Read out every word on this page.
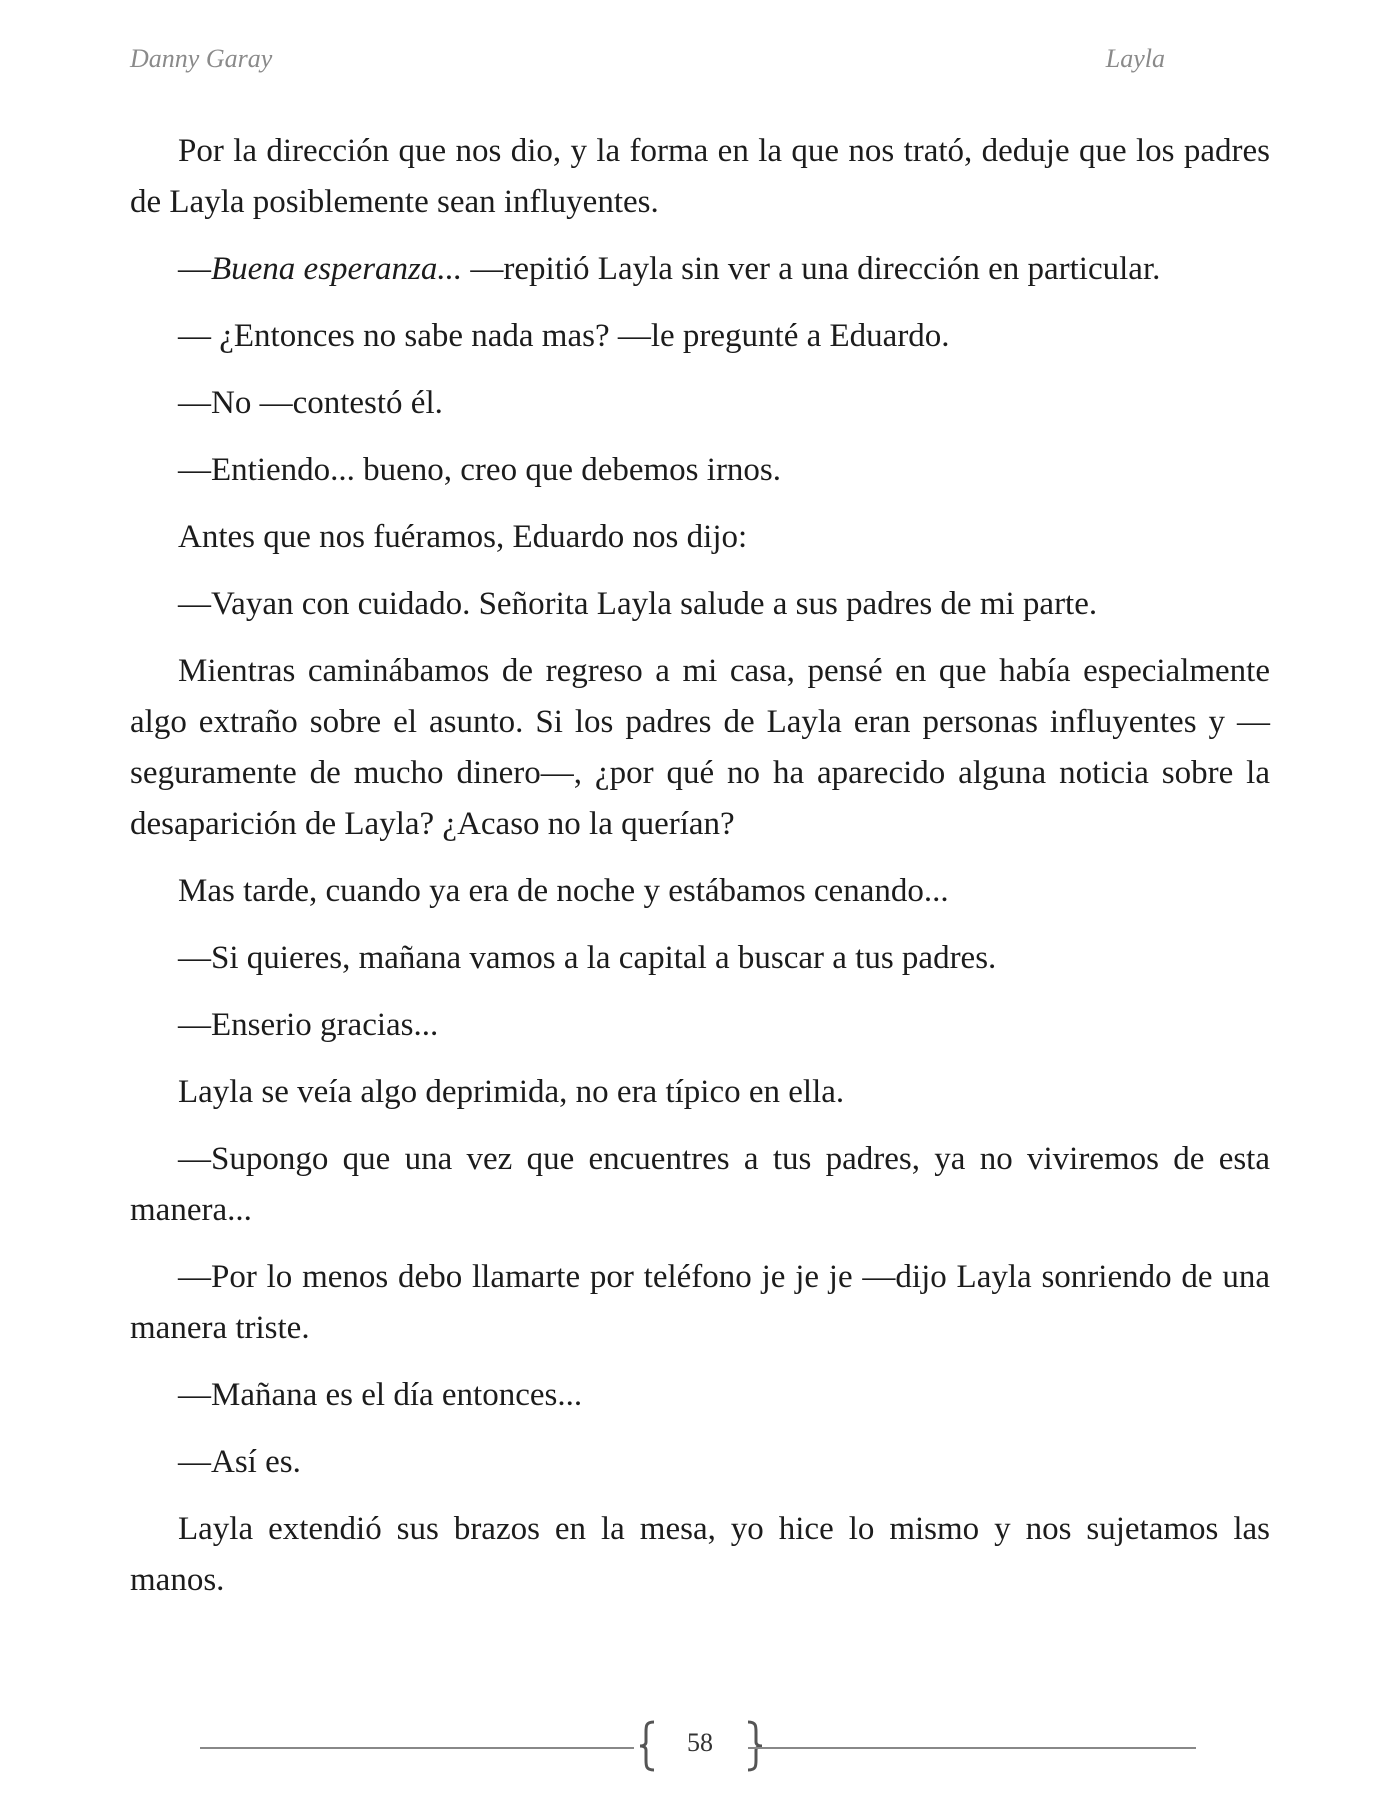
Danny Garay	Layla

Por la dirección que nos dio, y la forma en la que nos trató, deduje que los padres de Layla posiblemente sean influyentes.

—Buena esperanza... —repitió Layla sin ver a una dirección en particular.

— ¿Entonces no sabe nada mas? —le pregunté a Eduardo.

—No —contestó él.

—Entiendo... bueno, creo que debemos irnos.

Antes que nos fuéramos, Eduardo nos dijo:

—Vayan con cuidado. Señorita Layla salude a sus padres de mi parte.

Mientras caminábamos de regreso a mi casa, pensé en que había especialmente algo extraño sobre el asunto. Si los padres de Layla eran personas influyentes y —seguramente de mucho dinero—, ¿por qué no ha aparecido alguna noticia sobre la desaparición de Layla? ¿Acaso no la querían?

Mas tarde, cuando ya era de noche y estábamos cenando...

—Si quieres, mañana vamos a la capital a buscar a tus padres.

—Enserio gracias...

Layla se veía algo deprimida, no era típico en ella.

—Supongo que una vez que encuentres a tus padres, ya no viviremos de esta manera...

—Por lo menos debo llamarte por teléfono je je je —dijo Layla sonriendo de una manera triste.

—Mañana es el día entonces...

—Así es.

Layla extendió sus brazos en la mesa, yo hice lo mismo y nos sujetamos las manos.

58
